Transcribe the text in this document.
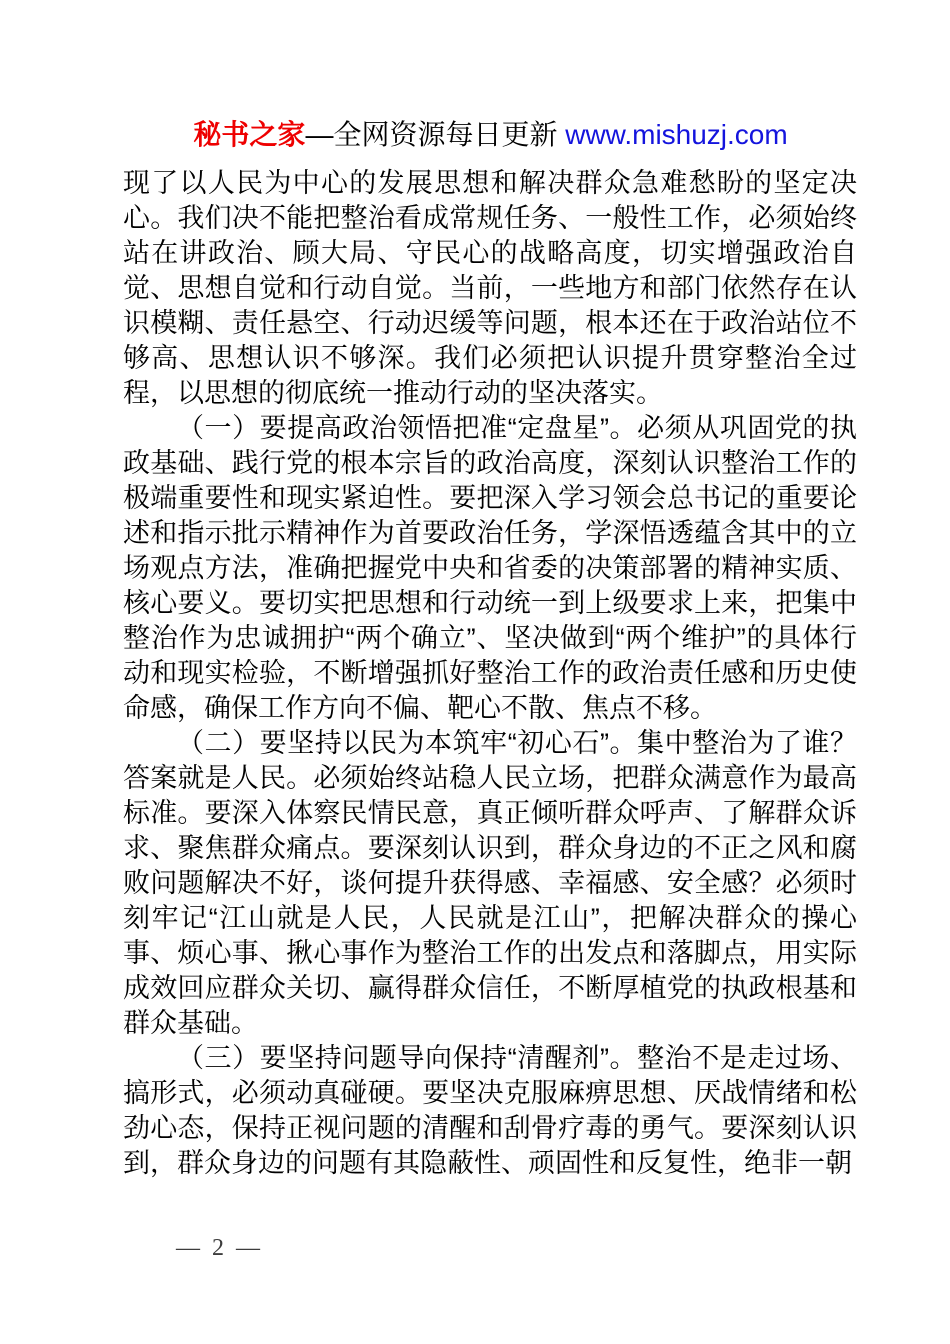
秘书之家—全网资源每日更新 www.mishuzj.com

现了以人民为中心的发展思想和解决群众急难愁盼的坚定决心。我们决不能把整治看成常规任务、一般性工作，必须始终站在讲政治、顾大局、守民心的战略高度，切实增强政治自觉、思想自觉和行动自觉。当前，一些地方和部门依然存在认识模糊、责任悬空、行动迟缓等问题，根本还在于政治站位不够高、思想认识不够深。我们必须把认识提升贯穿整治全过程，以思想的彻底统一推动行动的坚决落实。

（一）要提高政治领悟把准“定盘星”。必须从巩固党的执政基础、践行党的根本宗旨的政治高度，深刻认识整治工作的极端重要性和现实紧迫性。要把深入学习领会总书记的重要论述和指示批示精神作为首要政治任务，学深悟透蕴含其中的立场观点方法，准确把握党中央和省委的决策部署的精神实质、核心要义。要切实把思想和行动统一到上级要求上来，把集中整治作为忠诚拥护“两个确立”、坚决做到“两个维护”的具体行动和现实检验，不断增强抓好整治工作的政治责任感和历史使命感，确保工作方向不偏、靶心不散、焦点不移。

（二）要坚持以民为本筑牢“初心石”。集中整治为了谁？答案就是人民。必须始终站稳人民立场，把群众满意作为最高标准。要深入体察民情民意，真正倾听群众呼声、了解群众诉求、聚焦群众痛点。要深刻认识到，群众身边的不正之风和腐败问题解决不好，谈何提升获得感、幸福感、安全感？必须时刻牢记“江山就是人民，人民就是江山”，把解决群众的操心事、烦心事、揪心事作为整治工作的出发点和落脚点，用实际成效回应群众关切、赢得群众信任，不断厚植党的执政根基和群众基础。

（三）要坚持问题导向保持“清醒剂”。整治不是走过场、搞形式，必须动真碰硬。要坚决克服麻痹思想、厌战情绪和松劲心态，保持正视问题的清醒和刮骨疗毒的勇气。要深刻认识到，群众身边的问题有其隐蔽性、顽固性和反复性，绝非一朝

— 2 —
